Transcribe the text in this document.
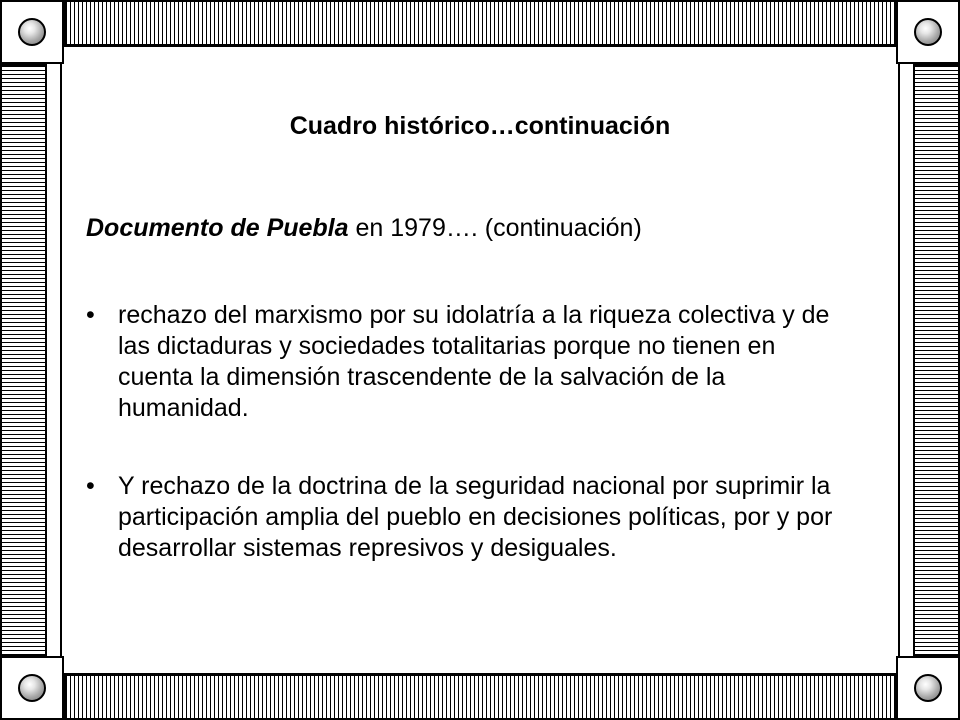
Cuadro histórico…continuación
Documento de Puebla en 1979…. (continuación)
• rechazo del marxismo por su idolatría a la riqueza colectiva y de las dictaduras y sociedades totalitarias porque no tienen en cuenta la dimensión trascendente de la salvación de la humanidad.
• Y rechazo de la doctrina de la seguridad nacional por suprimir la participación amplia del pueblo en decisiones políticas, por y por desarrollar sistemas represivos y desiguales.
